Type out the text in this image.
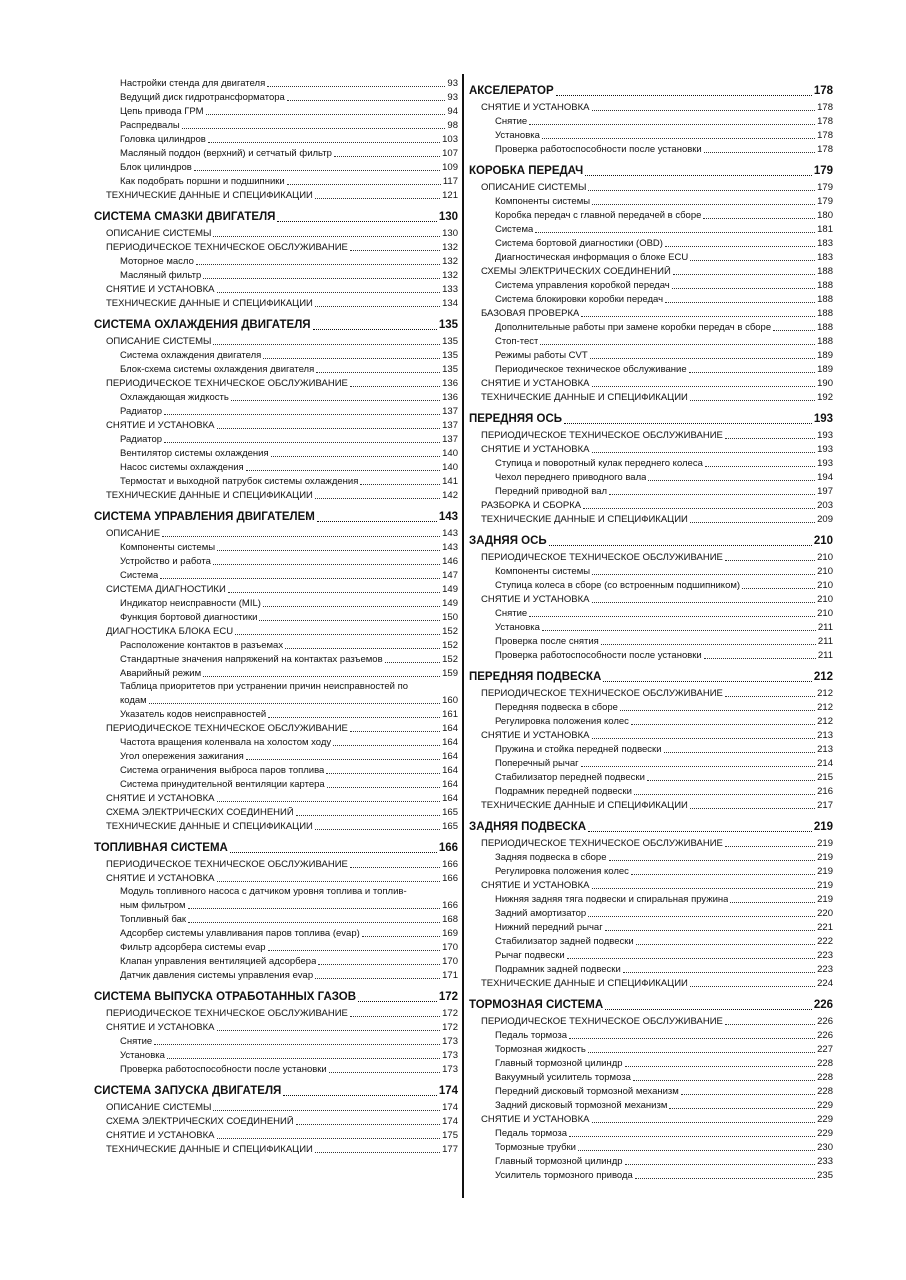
Настройки стенда для двигателя	93
Ведущий диск гидротрансформатора	93
Цепь привода ГРМ	94
Распредвалы	98
Головка цилиндров	103
Масляный поддон (верхний) и сетчатый фильтр	107
Блок цилиндров	109
Как подобрать поршни и подшипники	117
ТЕХНИЧЕСКИЕ ДАННЫЕ И СПЕЦИФИКАЦИИ	121
СИСТЕМА СМАЗКИ ДВИГАТЕЛЯ	130
ОПИСАНИЕ СИСТЕМЫ	130
ПЕРИОДИЧЕСКОЕ ТЕХНИЧЕСКОЕ ОБСЛУЖИВАНИЕ	132
Моторное масло	132
Масляный фильтр	132
СНЯТИЕ И УСТАНОВКА	133
ТЕХНИЧЕСКИЕ ДАННЫЕ И СПЕЦИФИКАЦИИ	134
СИСТЕМА ОХЛАЖДЕНИЯ ДВИГАТЕЛЯ	135
ОПИСАНИЕ СИСТЕМЫ	135
Система охлаждения двигателя	135
Блок-схема системы охлаждения двигателя	135
ПЕРИОДИЧЕСКОЕ ТЕХНИЧЕСКОЕ ОБСЛУЖИВАНИЕ	136
Охлаждающая жидкость	136
Радиатор	137
СНЯТИЕ И УСТАНОВКА	137
Радиатор	137
Вентилятор системы охлаждения	140
Насос системы охлаждения	140
Термостат и выходной патрубок системы охлаждения	141
ТЕХНИЧЕСКИЕ ДАННЫЕ И СПЕЦИФИКАЦИИ	142
СИСТЕМА УПРАВЛЕНИЯ ДВИГАТЕЛЕМ	143
ОПИСАНИЕ	143
Компоненты системы	143
Устройство и работа	146
Система	147
СИСТЕМА ДИАГНОСТИКИ	149
Индикатор неисправности (MIL)	149
Функция бортовой диагностики	150
ДИАГНОСТИКА БЛОКА ECU	152
Расположение контактов в разъемах	152
Стандартные значения напряжений на контактах разъемов	152
Аварийный режим	159
Таблица приоритетов при устранении причин неисправностей по
кодам	160
Указатель кодов неисправностей	161
ПЕРИОДИЧЕСКОЕ ТЕХНИЧЕСКОЕ ОБСЛУЖИВАНИЕ	164
Частота вращения коленвала на холостом ходу	164
Угол опережения зажигания	164
Система ограничения выброса паров топлива	164
Система принудительной вентиляции картера	164
СНЯТИЕ И УСТАНОВКА	164
СХЕМА ЭЛЕКТРИЧЕСКИХ СОЕДИНЕНИЙ	165
ТЕХНИЧЕСКИЕ ДАННЫЕ И СПЕЦИФИКАЦИИ	165
ТОПЛИВНАЯ СИСТЕМА	166
ПЕРИОДИЧЕСКОЕ ТЕХНИЧЕСКОЕ ОБСЛУЖИВАНИЕ	166
СНЯТИЕ И УСТАНОВКА	166
Модуль топливного насоса с датчиком уровня топлива и топлив-
ным фильтром	166
Топливный бак	168
Адсорбер системы улавливания паров топлива (evap)	169
Фильтр адсорбера системы evap	170
Клапан управления вентиляцией адсорбера	170
Датчик давления системы управления evap	171
СИСТЕМА ВЫПУСКА ОТРАБОТАННЫХ ГАЗОВ	172
ПЕРИОДИЧЕСКОЕ ТЕХНИЧЕСКОЕ ОБСЛУЖИВАНИЕ	172
СНЯТИЕ И УСТАНОВКА	172
Снятие	173
Установка	173
Проверка работоспособности после установки	173
СИСТЕМА ЗАПУСКА ДВИГАТЕЛЯ	174
ОПИСАНИЕ СИСТЕМЫ	174
СХЕМА ЭЛЕКТРИЧЕСКИХ СОЕДИНЕНИЙ	174
СНЯТИЕ И УСТАНОВКА	175
ТЕХНИЧЕСКИЕ ДАННЫЕ И СПЕЦИФИКАЦИИ	177
АКСЕЛЕРАТОР	178
СНЯТИЕ И УСТАНОВКА	178
Снятие	178
Установка	178
Проверка работоспособности после установки	178
КОРОБКА ПЕРЕДАЧ	179
ОПИСАНИЕ СИСТЕМЫ	179
Компоненты системы	179
Коробка передач с главной передачей в сборе	180
Система	181
Система бортовой диагностики (OBD)	183
Диагностическая информация о блоке ECU	183
СХЕМЫ ЭЛЕКТРИЧЕСКИХ СОЕДИНЕНИЙ	188
Система управления коробкой передач	188
Система блокировки коробки передач	188
БАЗОВАЯ ПРОВЕРКА	188
Дополнительные работы при замене коробки передач в сборе	188
Стоп-тест	188
Режимы работы CVT	189
Периодическое техническое обслуживание	189
СНЯТИЕ И УСТАНОВКА	190
ТЕХНИЧЕСКИЕ ДАННЫЕ И СПЕЦИФИКАЦИИ	192
ПЕРЕДНЯЯ ОСЬ	193
ПЕРИОДИЧЕСКОЕ ТЕХНИЧЕСКОЕ ОБСЛУЖИВАНИЕ	193
СНЯТИЕ И УСТАНОВКА	193
Ступица и поворотный кулак переднего колеса	193
Чехол переднего приводного вала	194
Передний приводной вал	197
РАЗБОРКА И СБОРКА	203
ТЕХНИЧЕСКИЕ ДАННЫЕ И СПЕЦИФИКАЦИИ	209
ЗАДНЯЯ ОСЬ	210
ПЕРИОДИЧЕСКОЕ ТЕХНИЧЕСКОЕ ОБСЛУЖИВАНИЕ	210
Компоненты системы	210
Ступица колеса в сборе (со встроенным подшипником)	210
СНЯТИЕ И УСТАНОВКА	210
Снятие	210
Установка	211
Проверка после снятия	211
Проверка работоспособности после установки	211
ПЕРЕДНЯЯ ПОДВЕСКА	212
ПЕРИОДИЧЕСКОЕ ТЕХНИЧЕСКОЕ ОБСЛУЖИВАНИЕ	212
Передняя подвеска в сборе	212
Регулировка положения колес	212
СНЯТИЕ И УСТАНОВКА	213
Пружина и стойка передней подвески	213
Поперечный рычаг	214
Стабилизатор передней подвески	215
Подрамник передней подвески	216
ТЕХНИЧЕСКИЕ ДАННЫЕ И СПЕЦИФИКАЦИИ	217
ЗАДНЯЯ ПОДВЕСКА	219
ПЕРИОДИЧЕСКОЕ ТЕХНИЧЕСКОЕ ОБСЛУЖИВАНИЕ	219
Задняя подвеска в сборе	219
Регулировка положения колес	219
СНЯТИЕ И УСТАНОВКА	219
Нижняя задняя тяга подвески и спиральная пружина	219
Задний амортизатор	220
Нижний передний рычаг	221
Стабилизатор задней подвески	222
Рычаг подвески	223
Подрамник задней подвески	223
ТЕХНИЧЕСКИЕ ДАННЫЕ И СПЕЦИФИКАЦИИ	224
ТОРМОЗНАЯ СИСТЕМА	226
ПЕРИОДИЧЕСКОЕ ТЕХНИЧЕСКОЕ ОБСЛУЖИВАНИЕ	226
Педаль тормоза	226
Тормозная жидкость	227
Главный тормозной цилиндр	228
Вакуумный усилитель тормоза	228
Передний дисковый тормозной механизм	228
Задний дисковый тормозной механизм	229
СНЯТИЕ И УСТАНОВКА	229
Педаль тормоза	229
Тормозные трубки	230
Главный тормозной цилиндр	233
Усилитель тормозного привода	235
